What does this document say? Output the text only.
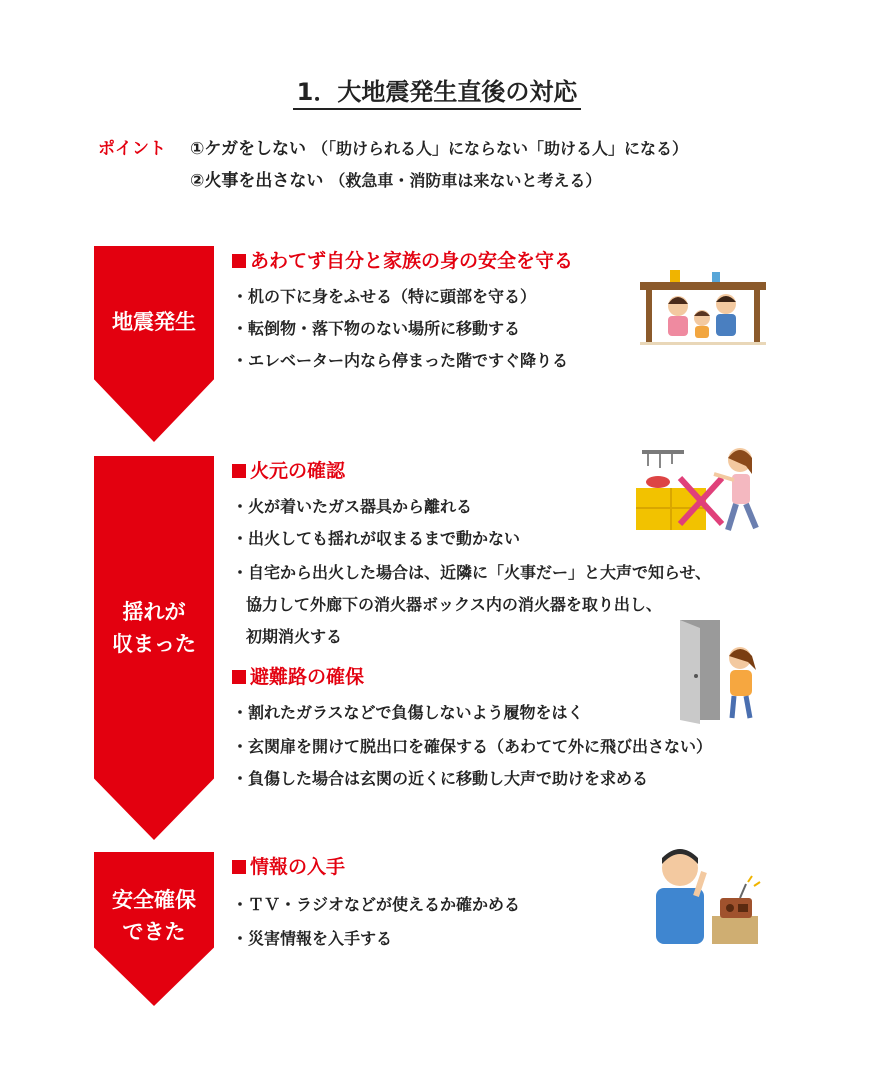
1．大地震発生直後の対応
ポイント ①ケガをしない （「助けられる人」にならない「助ける人」になる）
②火事を出さない （救急車・消防車は来ないと考える）
地震発生
あわてず自分と家族の身の安全を守る
・机の下に身をふせる（特に頭部を守る）
・転倒物・落下物のない場所に移動する
・エレベーター内なら停まった階ですぐ降りる
揺れが
収まった
火元の確認
・火が着いたガス器具から離れる
・出火しても揺れが収まるまで動かない
・自宅から出火した場合は、近隣に「火事だー」と大声で知らせ、
協力して外廊下の消火器ボックス内の消火器を取り出し、
初期消火する
避難路の確保
・割れたガラスなどで負傷しないよう履物をはく
・玄関扉を開けて脱出口を確保する（あわてて外に飛び出さない）
・負傷した場合は玄関の近くに移動し大声で助けを求める
安全確保
できた
情報の入手
・ＴＶ・ラジオなどが使えるか確かめる
・災害情報を入手する
